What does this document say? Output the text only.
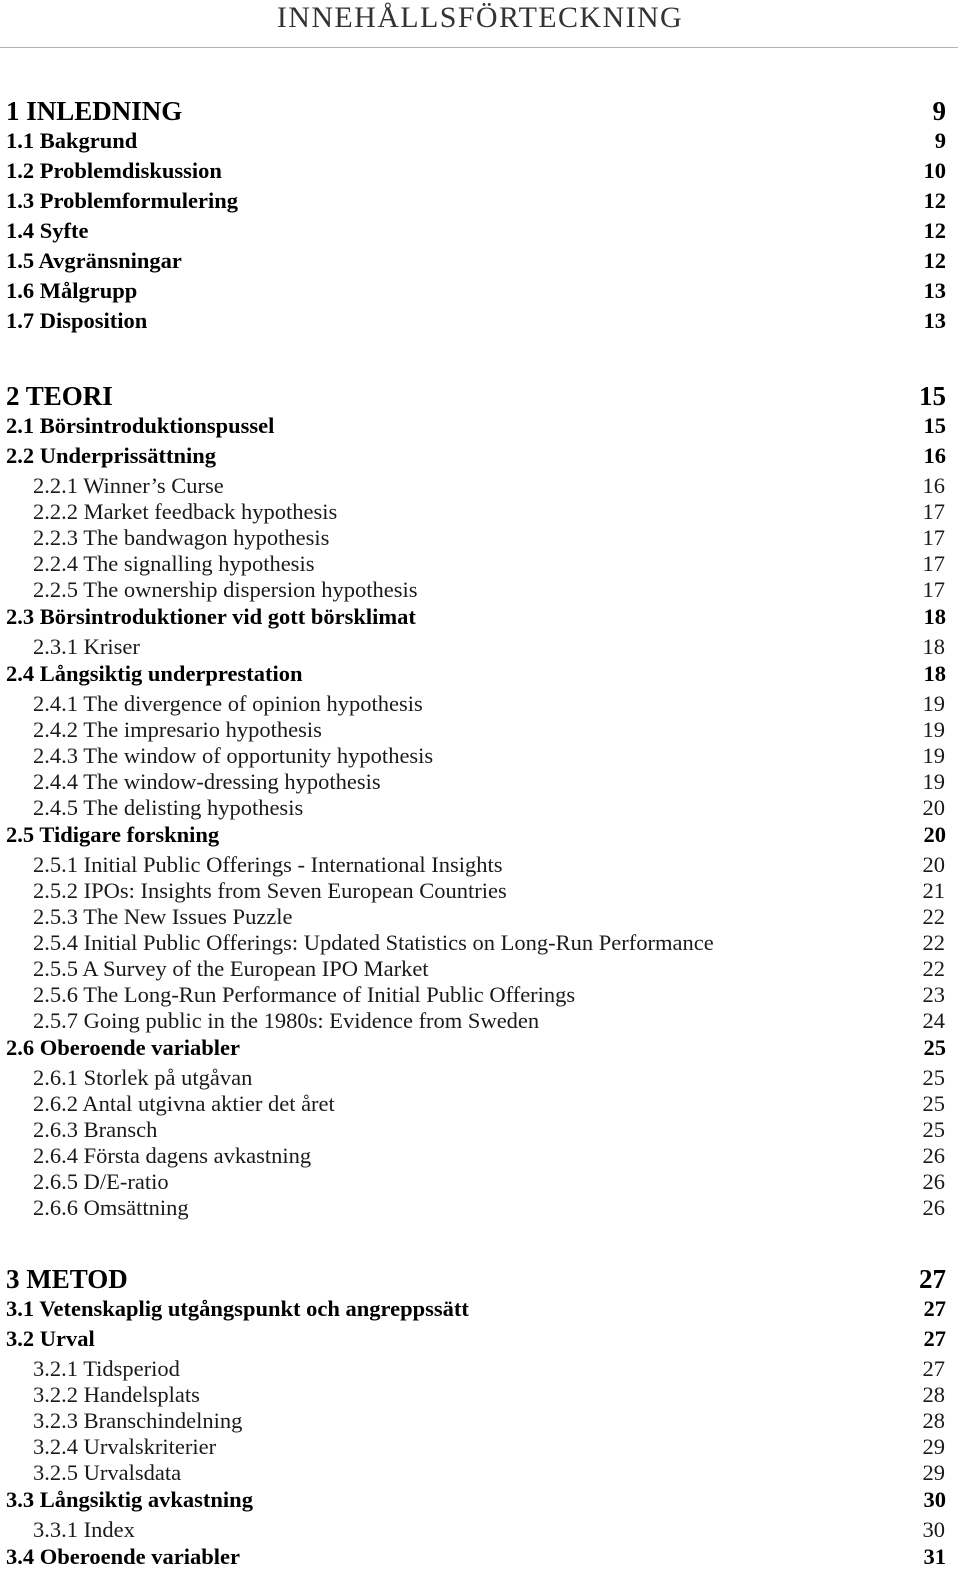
INNEHÅLLSFÖRTECKNING
1 INLEDNING	9
1.1 Bakgrund	9
1.2 Problemdiskussion	10
1.3 Problemformulering	12
1.4 Syfte	12
1.5 Avgränsningar	12
1.6 Målgrupp	13
1.7 Disposition	13
2 TEORI	15
2.1 Börsintroduktionspussel	15
2.2 Underprissättning	16
2.2.1 Winner’s Curse	16
2.2.2 Market feedback hypothesis	17
2.2.3 The bandwagon hypothesis	17
2.2.4 The signalling hypothesis	17
2.2.5 The ownership dispersion hypothesis	17
2.3 Börsintroduktioner vid gott börsklimat	18
2.3.1 Kriser	18
2.4 Långsiktig underprestation	18
2.4.1 The divergence of opinion hypothesis	19
2.4.2 The impresario hypothesis	19
2.4.3 The window of opportunity hypothesis	19
2.4.4 The window-dressing hypothesis	19
2.4.5 The delisting hypothesis	20
2.5 Tidigare forskning	20
2.5.1 Initial Public Offerings - International Insights	20
2.5.2 IPOs: Insights from Seven European Countries	21
2.5.3 The New Issues Puzzle	22
2.5.4 Initial Public Offerings: Updated Statistics on Long-Run Performance	22
2.5.5 A Survey of the European IPO Market	22
2.5.6 The Long-Run Performance of Initial Public Offerings	23
2.5.7 Going public in the 1980s: Evidence from Sweden	24
2.6 Oberoende variabler	25
2.6.1 Storlek på utgåvan	25
2.6.2 Antal utgivna aktier det året	25
2.6.3 Bransch	25
2.6.4 Första dagens avkastning	26
2.6.5 D/E-ratio	26
2.6.6 Omsättning	26
3 METOD	27
3.1 Vetenskaplig utgångspunkt och angreppssätt	27
3.2 Urval	27
3.2.1 Tidsperiod	27
3.2.2 Handelsplats	28
3.2.3 Branschindelning	28
3.2.4 Urvalskriterier	29
3.2.5 Urvalsdata	29
3.3 Långsiktig avkastning	30
3.3.1 Index	30
3.4 Oberoende variabler	31
